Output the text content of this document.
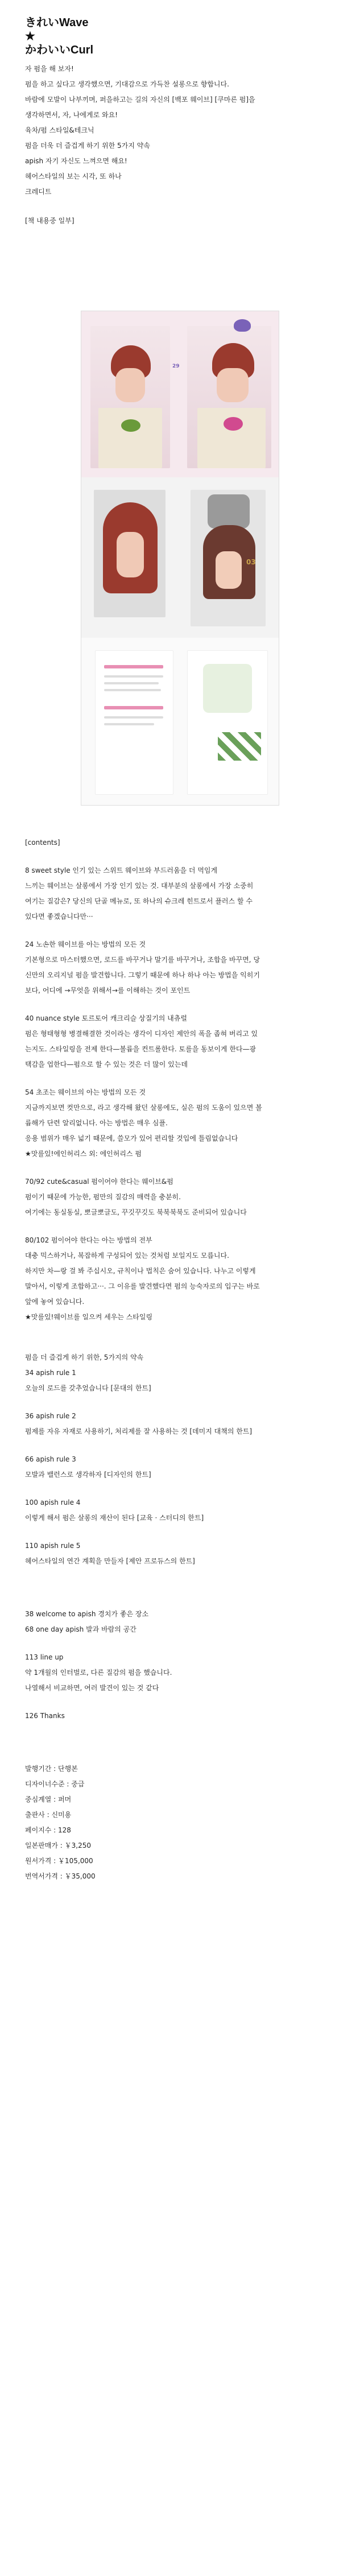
きれいWave
★
かわいいCurl
자 펌을 해 보자!
펌을 하고 싶다고 생각했으면, 기대감으로 가득찬 설롱으로 향합니다.
바람에 모발이 나부끼며, 퍼을하고는 길의 자신의 [백포 웨이브] [쿠마른 펌]을
생각하면서, 자, 나에게로 와요!
육차/펌 스타일&테크닉
펌을 더욱 더 즐겁게 하기 위한 5가지 약속
apish 자기 자신도 느껴으면 해요!
헤어스타일의 보는 시각, 또 하나
크레디트
[책 내용중 일부]
29
03
[contents]
8 sweet style 인기 있는 스위트 웨이브와 부드러움을 더 먹임게
느끼는 웨이브는 살롱에서 가장 인기 있는 것. 대부분의 살롱에서 가장 소중히
여기는 질감은? 당신의 단골 메뉴로, 또 하나의 슈크레 힌트로서 플러스 할 수
있다면 좋겠습니다만···
24 노손한 웨이브를 아는 방법의 모든 것
기본형으로 마스터했으면, 로드를 바꾸거나 말기를 바꾸거나, 조합을 바꾸면, 당
신만의 오리지널 펌을 발견합니다. 그렇기 때문에 하나 하나 아는 방법을 익히기
보다, 어디에 →무엇을 위해서→를 이해하는 것이 포인트
40 nuance style 토르토어 캐크리슬 상질기의 내츄럴
펌은 형태형형 병결해결한 것이라는 생각이 디자인 제안의 폭을 좁혀 버리고 있
는지도. 스타일링을 전제 한다—볼륨을 컨트롤한다. 토를을 동보이게 한다—광
택감을 업한다—펌으로 할 수 있는 것은 더 많이 있는데
54 초조는 웨이브의 아는 방법의 모든 것
지금까지보면 컷만으로, 라고 생각해 왔던 살롱에도, 실은 펌의 도움이 있으면 볼
륨해가 단련 알리없니다. 아는 방법은 매우 심플.
응용 범위가 매우 넓기 때문에, 쓸모가 있어 편리할 것입에 틀림없습니다
★맛를있!에인허리스 외: 에인허리스 펌
70/92 cute&casual 펌이어야 한다는 웨이브&펌
펌이기 때문에 가능한, 펌만의 질감의 매력을 충분히.
여기에는 동실동실, 뽀글뽀글도, 꾸깃꾸깃도 북북북북도 준비되어 있습니다
80/102 펌이어야 한다는 아는 방법의 전부
대충 믹스하거나, 복잡하게 구성되어 있는 것처럼 보일지도 모릅니다.
하지만 차—랑 걸 봐 주십시오, 규칙이나 법칙은 숨어 있습니다. 나누고 이렇게
말아서, 이렇게 조합하고···. 그 이유를 발견했다면 펌의 능숙자로의 입구는 바로
앞에 놓여 있습니다.
★맛를있!웨이브를 일으켜 세우는 스타일링
펌을 더 즐겁게 하기 위한, 5가지의 약속
34 apish rule 1
오늘의 로드를 갖추었습니다 [문대의 한트]
36 apish rule 2
펌제를 자유 자재로 사용하기, 처리제를 잘 사용하는 것 [데미지 대책의 한트]
66 apish rule 3
모발과 밸런스로 생각하자 [디자인의 한트]
100 apish rule 4
이렇게 해서 펌은 살롱의 재산이 된다 [교육 · 스터디의 한트]
110 apish rule 5
헤어스타일의 연간 계획을 만들자 [제안 프로듀스의 한트]
38 welcome to apish 경치가 좋은 장소
68 one day apish 발과 바람의 공간
113 line up
약 1개월의 인터벌로, 다른 질감의 펌을 했습니다.
나열해서 비교하면, 여러 발견이 있는 것 같다
126 Thanks
발행기간 : 단행본
디자이너수준 : 중급
중심계열 : 퍼머
출판사 : 신미용
페이지수 : 128
일본판매가 : ￥3,250
원서가격 : ￥105,000
번역서가격 : ￥35,000
